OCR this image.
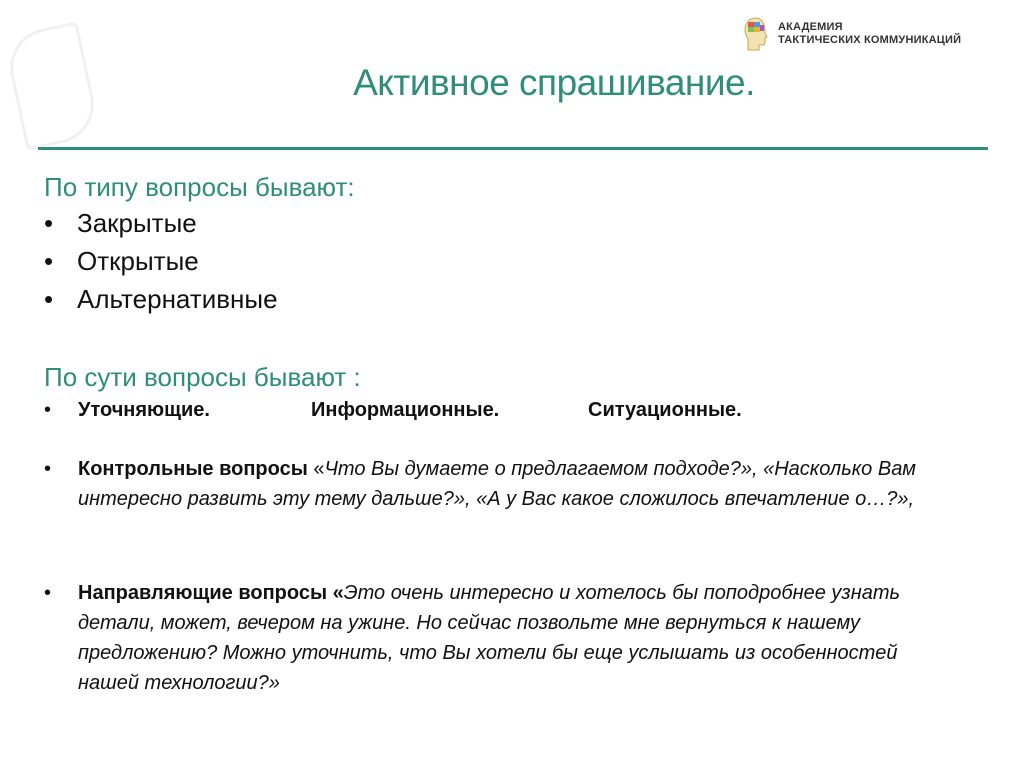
АКАДЕМИЯ
ТАКТИЧЕСКИХ КОММУНИКАЦИЙ
Активное спрашивание.
По типу вопросы бывают:
• Закрытые
• Открытые
• Альтернативные
По сути вопросы бывают :
• Уточняющие.	Информационные.	Ситуационные.
• Контрольные вопросы «Что Вы думаете о предлагаемом подходе?», «Насколько Вам интересно развить эту тему дальше?», «А у Вас какое сложилось впечатление о…?»,
• Направляющие вопросы «Это очень интересно и хотелось бы поподробнее узнать детали, может, вечером на ужине. Но сейчас позвольте мне вернуться к нашему предложению? Можно уточнить, что Вы хотели бы еще услышать из особенностей нашей технологии?»
